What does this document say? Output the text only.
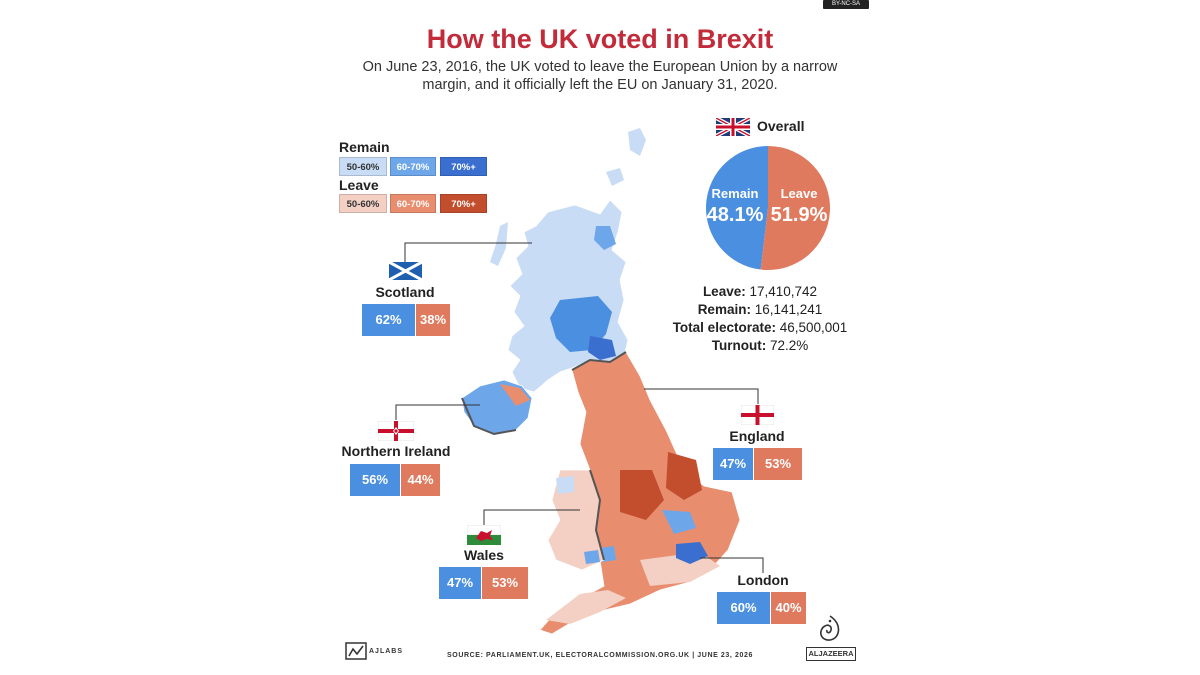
BY-NC-SA
How the UK voted in Brexit
On June 23, 2016, the UK voted to leave the European Union by a narrow margin, and it officially left the EU on January 31, 2020.
Remain
50-60%	60-70%	70%+
Leave
50-60%	60-70%	70%+
Overall
Remain
48.1%
Leave
51.9%
Leave: 17,410,742
Remain: 16,141,241
Total electorate: 46,500,001
Turnout: 72.2%
Scotland
62%	38%
Northern Ireland
56%	44%
England
47%	53%
Wales
47%	53%	London
60%	40%
AJLABS
SOURCE: PARLIAMENT.UK, ELECTORALCOMMISSION.ORG.UK | JUNE 23, 2026	ALJAZEERA
